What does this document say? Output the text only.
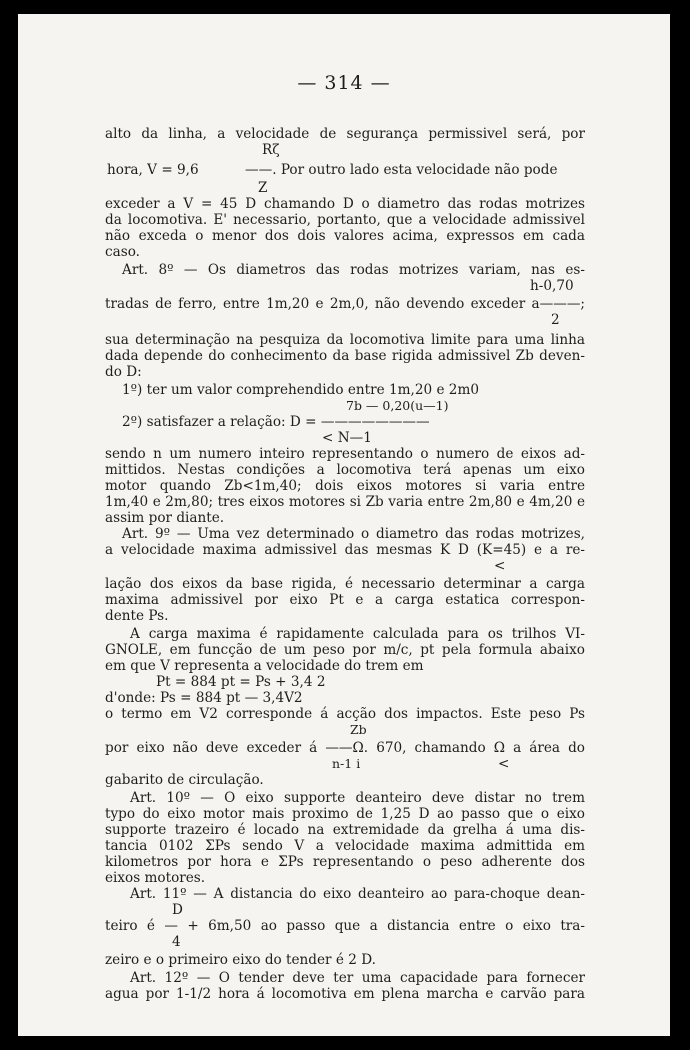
— 314 —
alto da linha, a velocidade de segurança permissivel será, por
Rζ
hora, V = 9,6	——. Por outro lado esta velocidade não pode
Z
exceder a V = 45 D chamando D o diametro das rodas motrizes
da locomotiva. E' necessario, portanto, que a velocidade admissivel
não exceda o menor dos dois valores acima, expressos em cada
caso.
Art. 8º — Os diametros das rodas motrizes variam, nas es-
h-0,70
tradas de ferro, entre 1m,20 e 2m,0, não devendo exceder a———;
2
sua determinação na pesquiza da locomotiva limite para uma linha
dada depende do conhecimento da base rigida admissivel Zb deven-
do D:
1º) ter um valor comprehendido entre 1m,20 e 2m0
7b — 0,20(u—1)
2º) satisfazer a relação: D = ————————
< N—1
sendo n um numero inteiro representando o numero de eixos ad-
mittidos. Nestas condições a locomotiva terá apenas um eixo
motor quando Zb<1m,40; dois eixos motores si varia entre
1m,40 e 2m,80; tres eixos motores si Zb varia entre 2m,80 e 4m,20 e
assim por diante.
Art. 9º — Uma vez determinado o diametro das rodas motrizes,
a velocidade maxima admissivel das mesmas K D (K=45) e a re-
<
lação dos eixos da base rigida, é necessario determinar a carga
maxima admissivel por eixo Pt e a carga estatica correspon-
dente Ps.
A carga maxima é rapidamente calculada para os trilhos VI-
GNOLE, em funcção de um peso por m/c, pt pela formula abaixo
em que V representa a velocidade do trem em
Pt = 884 pt = Ps + 3,4 2
d'onde: Ps = 884 pt — 3,4V2
o termo em V2 corresponde á acção dos impactos. Este peso Ps
Zb
por eixo não deve exceder á ——Ω. 670, chamando Ω a área do
n-1 i	<
gabarito de circulação.
Art. 10º — O eixo supporte deanteiro deve distar no trem
typo do eixo motor mais proximo de 1,25 D ao passo que o eixo
supporte trazeiro é locado na extremidade da grelha á uma dis-
tancia 0102 ΣPs sendo V a velocidade maxima admittida em
kilometros por hora e ΣPs representando o peso adherente dos
eixos motores.
Art. 11º — A distancia do eixo deanteiro ao para-choque dean-
D
teiro é — + 6m,50 ao passo que a distancia entre o eixo tra-
4
zeiro e o primeiro eixo do tender é 2 D.
Art. 12º — O tender deve ter uma capacidade para fornecer
agua por 1-1/2 hora á locomotiva em plena marcha e carvão para
